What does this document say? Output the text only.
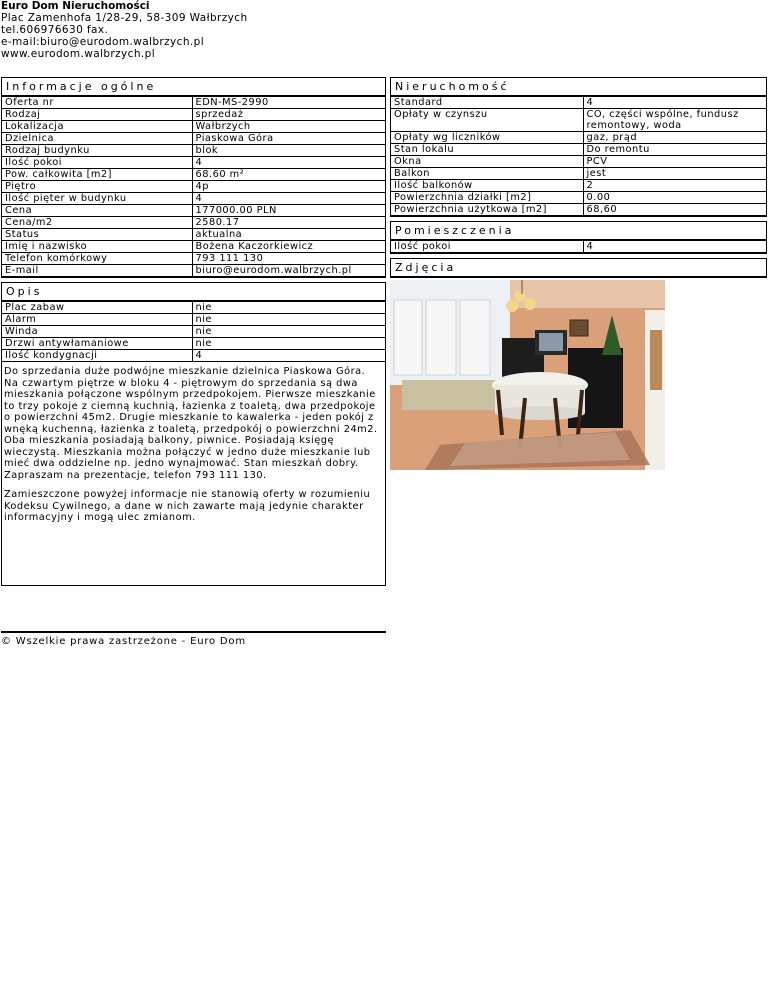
Euro Dom Nieruchomości
Plac Zamenhofa 1/28-29, 58-309 Wałbrzych
tel.606976630 fax.
e-mail:biuro@eurodom.walbrzych.pl
www.eurodom.walbrzych.pl
Informacje ogólne
Oferta nr	EDN-MS-2990
Rodzaj	sprzedaż
Lokalizacja	Wałbrzych
Dzielnica	Piaskowa Góra
Rodzaj budynku	blok
Ilość pokoi	4
Pow. całkowita [m2]	68.60 m²
Piętro	4p
Ilość pięter w budynku	4
Cena	177000.00 PLN
Cena/m2	2580.17
Status	aktualna
Imię i nazwisko	Bożena Kaczorkiewicz
Telefon komórkowy	793 111 130
E-mail	biuro@eurodom.walbrzych.pl
Opis
Plac zabaw	nie
Alarm	nie
Winda	nie
Drzwi antywłamaniowe	nie
Ilość kondygnacji	4

Do sprzedania duże podwójne mieszkanie dzielnica Piaskowa Góra. Na czwartym piętrze w bloku 4 - piętrowym do sprzedania są dwa mieszkania połączone wspólnym przedpokojem. Pierwsze mieszkanie to trzy pokoje z ciemną kuchnią, łazienka z toaletą, dwa przedpokoje o powierzchni 45m2. Drugie mieszkanie to kawalerka - jeden pokój z wnęką kuchenną, łazienka z toaletą, przedpokój o powierzchni 24m2. Oba mieszkania posiadają balkony, piwnice. Posiadają księgę wieczystą. Mieszkania można połączyć w jedno duże mieszkanie lub mieć dwa oddzielne np. jedno wynajmować. Stan mieszkań dobry. Zapraszam na prezentacje, telefon 793 111 130.

Zamieszczone powyżej informacje nie stanowią oferty w rozumieniu Kodeksu Cywilnego, a dane w nich zawarte mają jedynie charakter informacyjny i mogą ulec zmianom.

© Wszelkie prawa zastrzeżone - Euro Dom
Nieruchomość
Standard	4
Opłaty w czynszu	CO, części wspólne, fundusz remontowy, woda
Opłaty wg liczników	gaz, prąd
Stan lokalu	Do remontu
Okna	PCV
Balkon	jest
Ilość balkonów	2
Powierzchnia działki [m2]	0.00
Powierzchnia użytkowa [m2]	68,60
Pomieszczenia
Ilość pokoi	4
Zdjęcia
